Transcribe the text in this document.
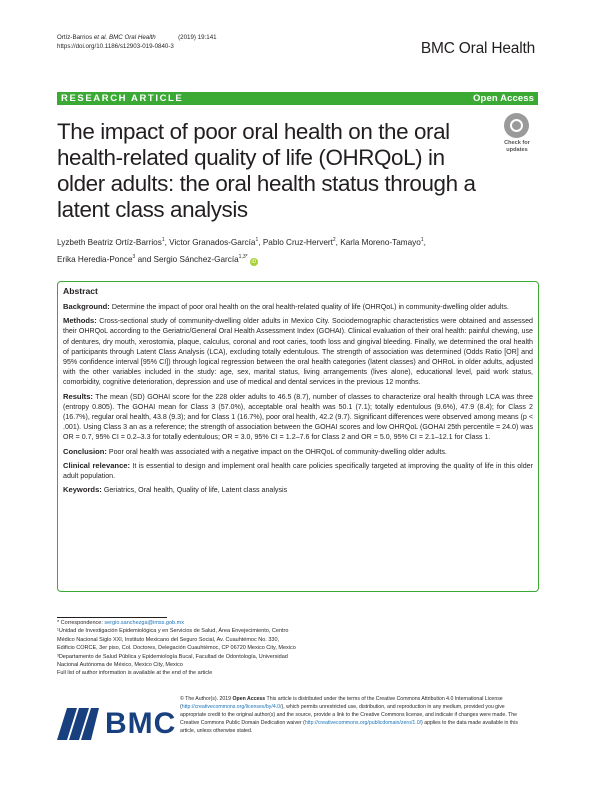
Ortíz-Barrios et al. BMC Oral Health	(2019) 19:141
https://doi.org/10.1186/s12903-019-0840-3	BMC Oral Health
RESEARCH ARTICLE	Open Access
The impact of poor oral health on the oral health-related quality of life (OHRQoL) in older adults: the oral health status through a latent class analysis
Check for
updates
Lyzbeth Beatriz Ortíz-Barrios$^1$, Victor Granados-García$^1$, Pablo Cruz-Hervert$^2$, Karla Moreno-Tamayo$^1$,
Erika Heredia-Ponce$^3$ and Sergio Sánchez-García$^{1,3*}$ iD
Abstract

Background: Determine the impact of poor oral health on the oral health-related quality of life (OHRQoL) in community-dwelling older adults.

Methods: Cross-sectional study of community-dwelling older adults in Mexico City. Sociodemographic characteristics were obtained and assessed their OHRQoL according to the Geriatric/General Oral Health Assessment Index (GOHAI). Clinical evaluation of their oral health: painful chewing, use of dentures, dry mouth, xerostomia, plaque, calculus, coronal and root caries, tooth loss and gingival bleeding. Finally, we determined the oral health of participants through Latent Class Analysis (LCA), excluding totally edentulous. The strength of association was determined (Odds Ratio [OR] and 95% confidence interval [95% CI]) through logical regression between the oral health categories (latent classes) and OHRoL in older adults, adjusted with the other variables included in the study: age, sex, marital status, living arrangements (lives alone), educational level, paid work status, comorbidity, cognitive deterioration, depression and use of medical and dental services in the previous 12 months.

Results: The mean (SD) GOHAI score for the 228 older adults to 46.5 (8.7), number of classes to characterize oral health through LCA was three (entropy 0.805). The GOHAI mean for Class 3 (57.0%), acceptable oral health was 50.1 (7.1); totally edentulous (9.6%), 47.9 (8.4); for Class 2 (16.7%), regular oral health, 43.8 (9.3); and for Class 1 (16.7%), poor oral health, 42.2 (9.7). Significant differences were observed among means (p < .001). Using Class 3 an as a reference; the strength of association between the GOHAI scores and low OHRQoL (GOHAI 25th percentile = 24.0) was OR = 0.7, 95% CI = 0.2–3.3 for totally edentulous; OR = 3.0, 95% CI = 1.2–7.6 for Class 2 and OR = 5.0, 95% CI = 2.1–12.1 for Class 1.

Conclusion: Poor oral health was associated with a negative impact on the OHRQoL of community-dwelling older adults.

Clinical relevance: It is essential to design and implement oral health care policies specifically targeted at improving the quality of life in this older adult population.

Keywords: Geriatrics, Oral health, Quality of life, Latent class analysis

* Correspondence: sergio.sanchezga@imss.gob.mx
¹Unidad de Investigación Epidemiológica y en Servicios de Salud, Área Envejecimiento, Centro Médico Nacional Siglo XXI, Instituto Mexicano del Seguro Social, Av. Cuauhtémoc No. 330, Edificio CORCE, 3er piso, Col. Doctores, Delegación Cuauhtémoc, CP 06720 Mexico City, Mexico
³Departamento de Salud Pública y Epidemiología Bucal, Facultad de Odontología, Universidad Nacional Autónoma de México, Mexico City, Mexico
Full list of author information is available at the end of the article
BMC
© The Author(s). 2019 Open Access This article is distributed under the terms of the Creative Commons Attribution 4.0 International License (http://creativecommons.org/licenses/by/4.0/), which permits unrestricted use, distribution, and reproduction in any medium, provided you give appropriate credit to the original author(s) and the source, provide a link to the Creative Commons license, and indicate if changes were made. The Creative Commons Public Domain Dedication waiver (http://creativecommons.org/publicdomain/zero/1.0/) applies to the data made available in this article, unless otherwise stated.
